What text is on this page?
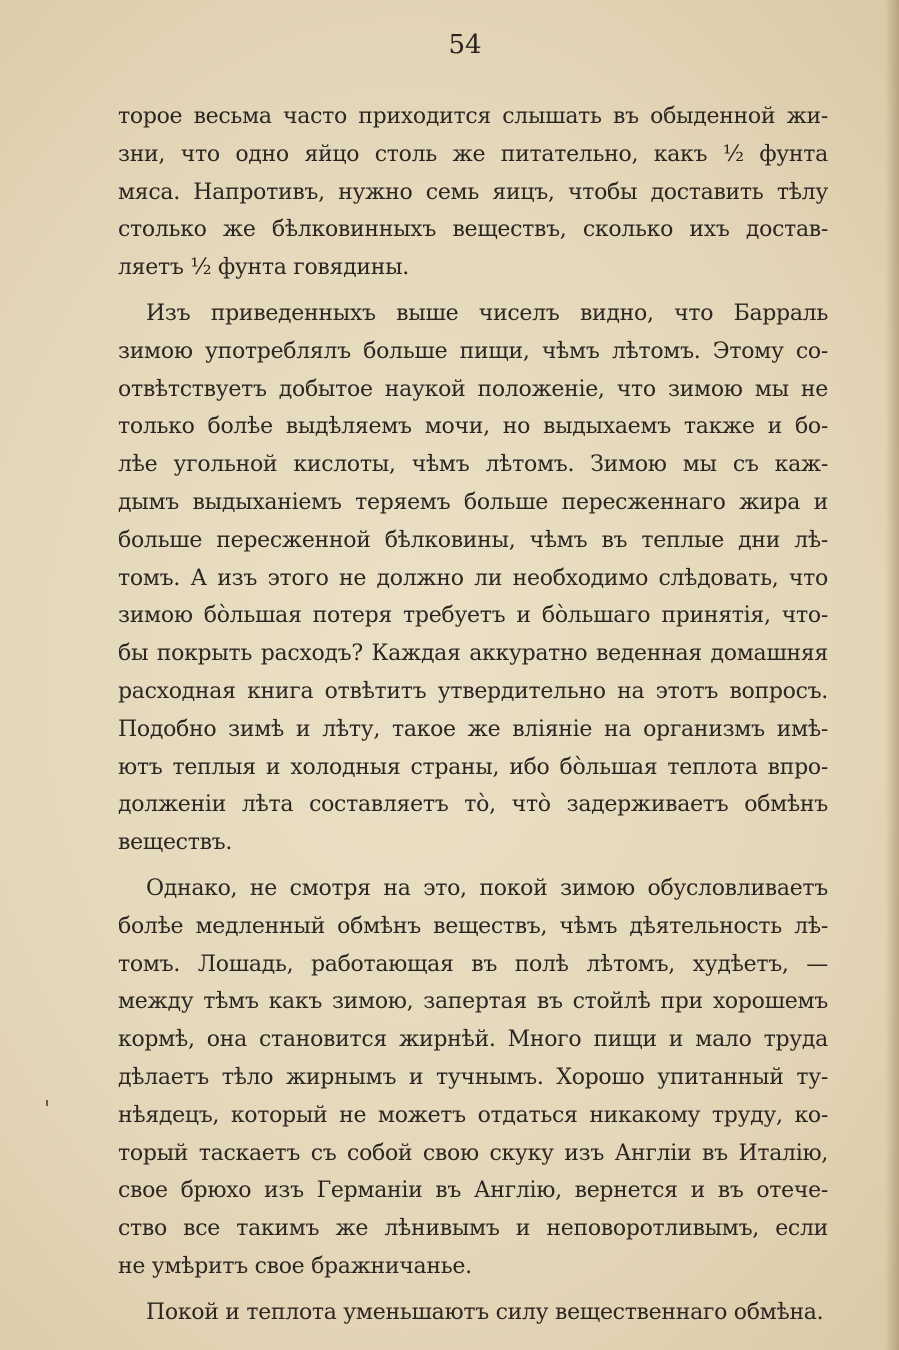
54
торое весьма часто приходится слышать въ обыденной жи-
зни, что одно яйцо столь же питательно, какъ ½ фунта
мяса. Напротивъ, нужно семь яицъ, чтобы доставить тѣлу
столько же бѣлковинныхъ веществъ, сколько ихъ достав-
ляетъ ½ фунта говядины.
Изъ приведенныхъ выше чиселъ видно, что Барраль
зимою употреблялъ больше пищи, чѣмъ лѣтомъ. Этому со-
отвѣтствуетъ добытое наукой положеніе, что зимою мы не
только болѣе выдѣляемъ мочи, но выдыхаемъ также и бо-
лѣе угольной кислоты, чѣмъ лѣтомъ. Зимою мы съ каж-
дымъ выдыханіемъ теряемъ больше пересженнаго жира и
больше пересженной бѣлковины, чѣмъ въ теплые дни лѣ-
томъ. А изъ этого не должно ли необходимо слѣдовать, что
зимою бо̀льшая потеря требуетъ и бо̀льшаго принятія, что-
бы покрыть расходъ? Каждая аккуратно веденная домашняя
расходная книга отвѣтитъ утвердительно на этотъ вопросъ.
Подобно зимѣ и лѣту, такое же вліяніе на организмъ имѣ-
ютъ теплыя и холодныя страны, ибо бо̀льшая теплота впро-
долженіи лѣта составляетъ то̀, что̀ задерживаетъ обмѣнъ
веществъ.
Однако, не смотря на это, покой зимою обусловливаетъ
болѣе медленный обмѣнъ веществъ, чѣмъ дѣятельность лѣ-
томъ. Лошадь, работающая въ полѣ лѣтомъ, худѣетъ, —
между тѣмъ какъ зимою, запертая въ стойлѣ при хорошемъ
кормѣ, она становится жирнѣй. Много пищи и мало труда
дѣлаетъ тѣло жирнымъ и тучнымъ. Хорошо упитанный ту-
нѣядецъ, который не можетъ отдаться никакому труду, ко-
торый таскаетъ съ собой свою скуку изъ Англіи въ Италію,
свое брюхо изъ Германіи въ Англію, вернется и въ отече-
ство все такимъ же лѣнивымъ и неповоротливымъ, если
не умѣритъ свое бражничанье.
Покой и теплота уменьшаютъ силу вещественнаго обмѣна.
